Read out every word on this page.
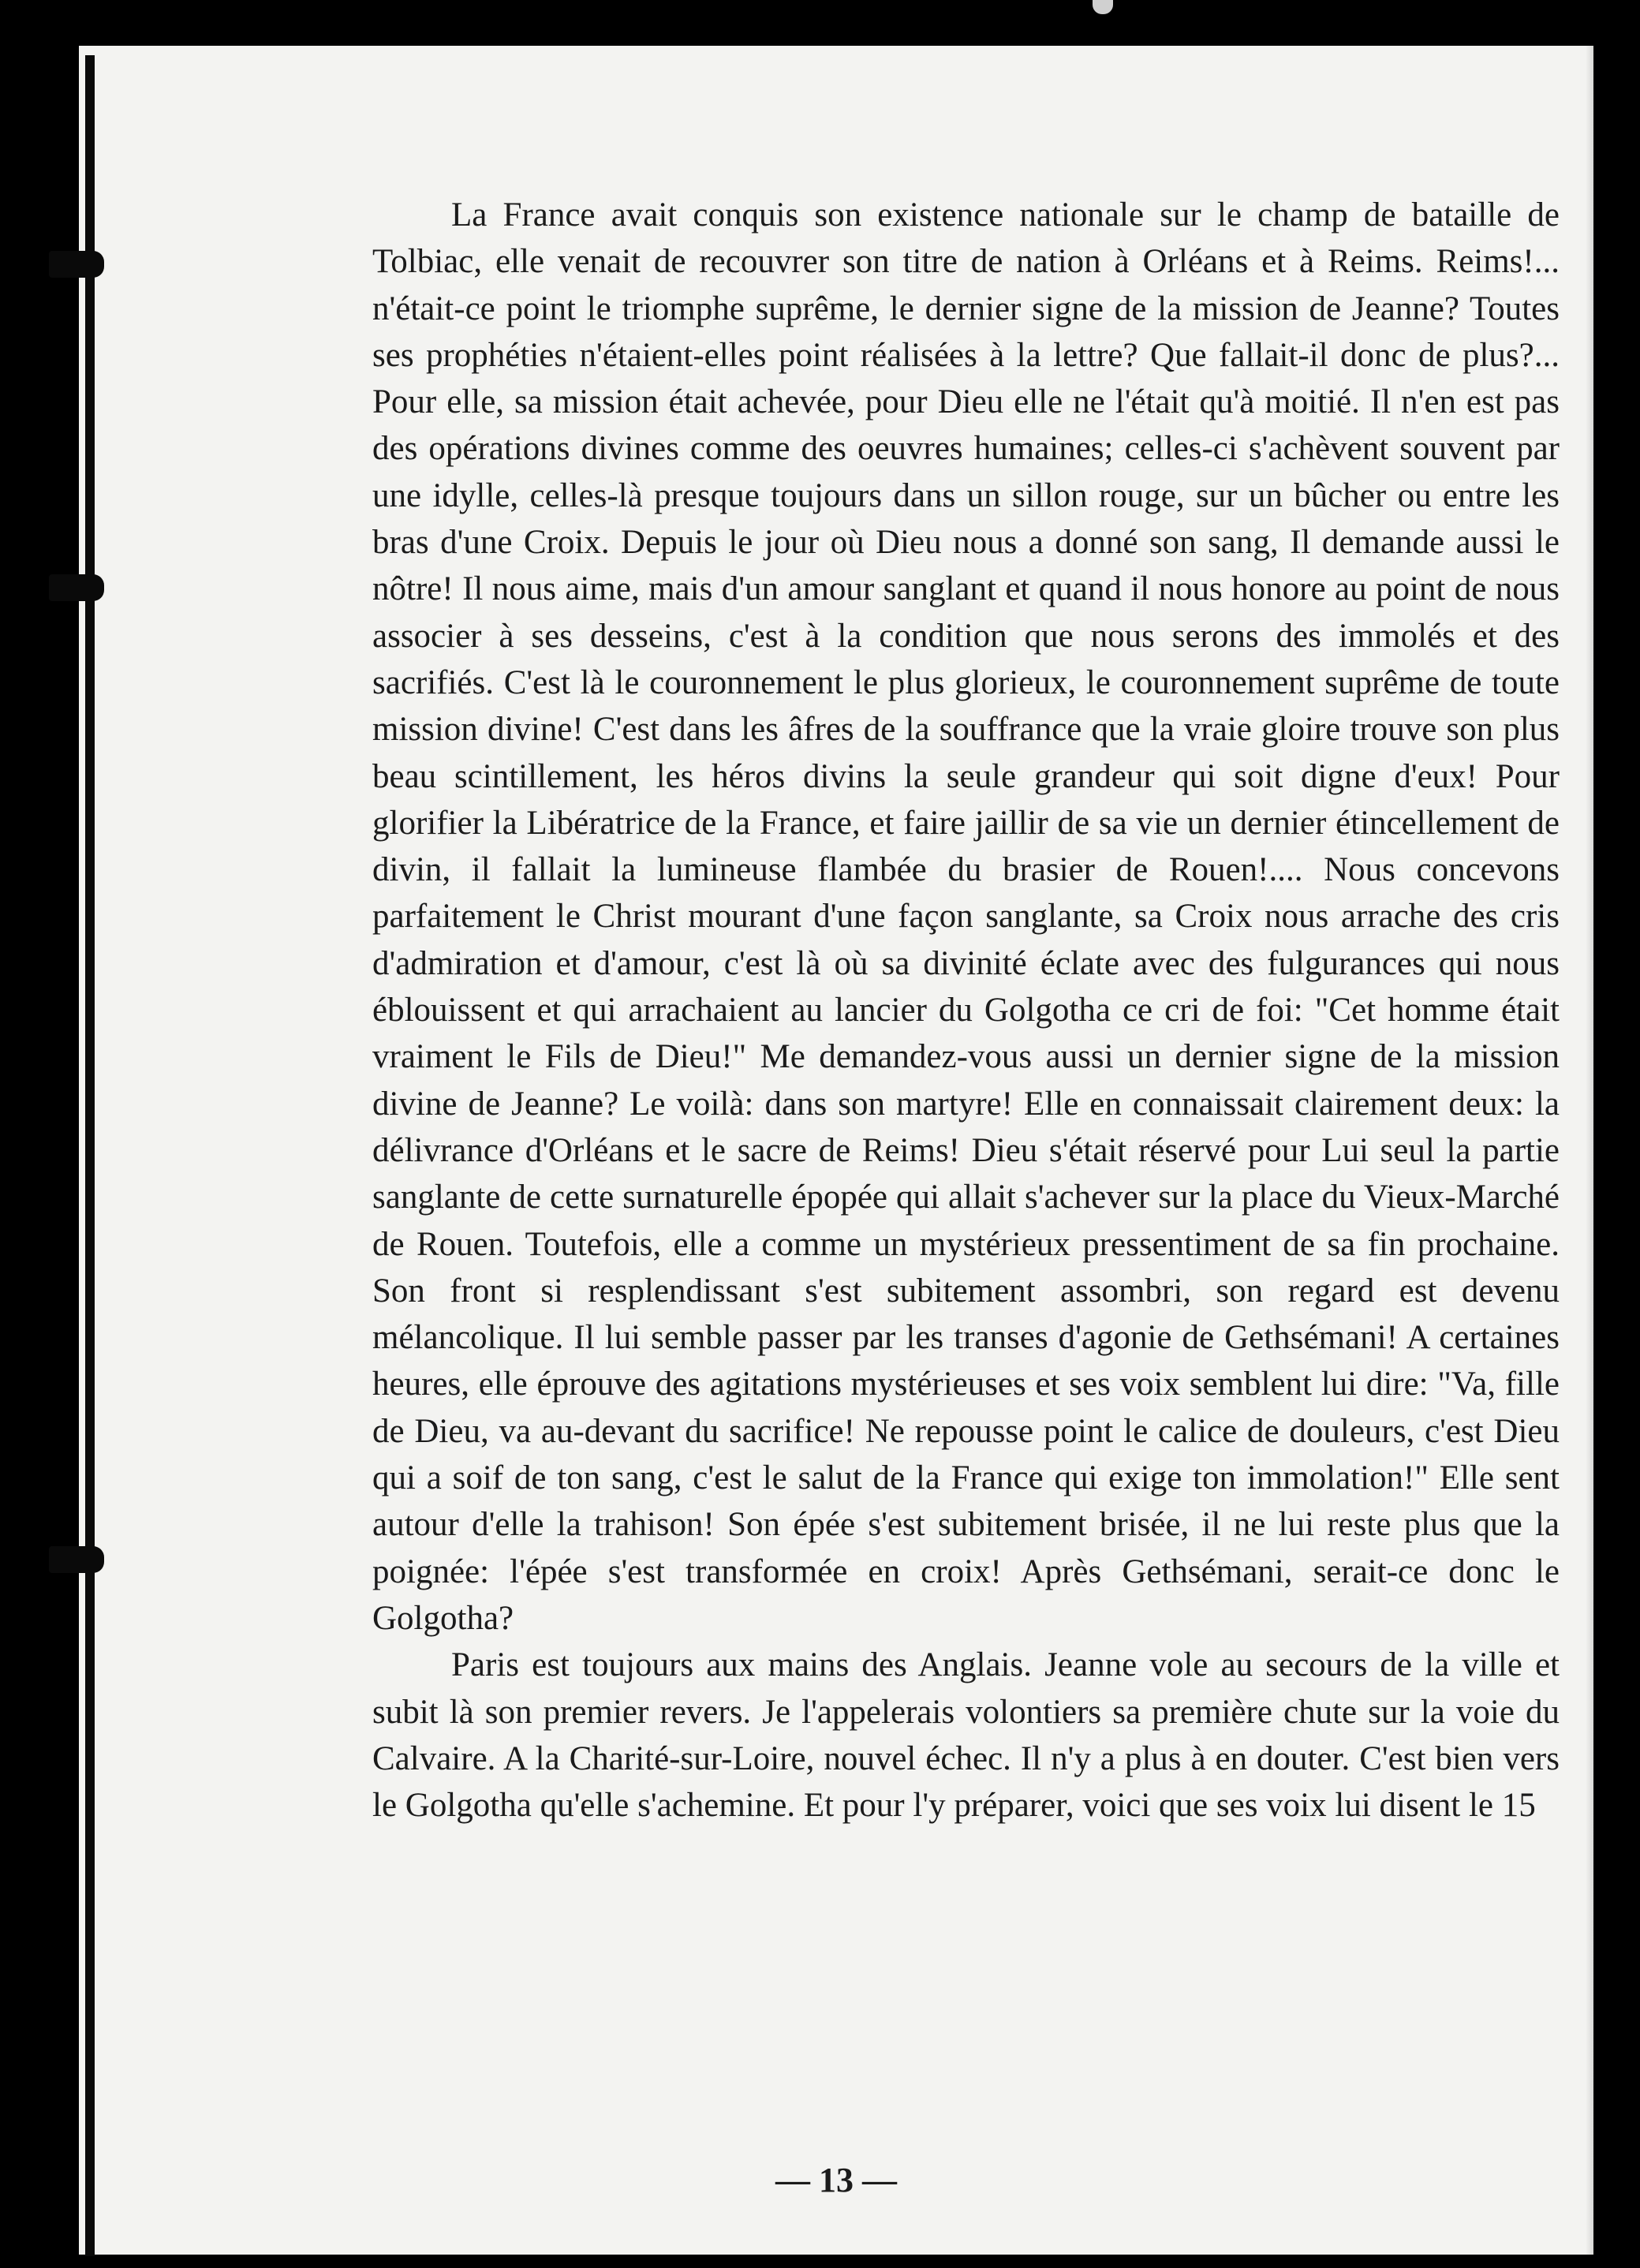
La France avait conquis son existence nationale sur le champ de bataille de Tolbiac, elle venait de recouvrer son titre de nation à Orléans et à Reims. Reims!... n'était-ce point le triomphe suprême, le dernier signe de la mission de Jeanne? Toutes ses prophéties n'étaient-elles point réalisées à la lettre? Que fallait-il donc de plus?... Pour elle, sa mission était achevée, pour Dieu elle ne l'était qu'à moitié. Il n'en est pas des opérations divines comme des oeuvres humaines; celles-ci s'achèvent souvent par une idylle, celles-là presque toujours dans un sillon rouge, sur un bûcher ou entre les bras d'une Croix. Depuis le jour où Dieu nous a donné son sang, Il demande aussi le nôtre! Il nous aime, mais d'un amour sanglant et quand il nous honore au point de nous associer à ses desseins, c'est à la condition que nous serons des immolés et des sacrifiés. C'est là le couronnement le plus glorieux, le couronnement suprême de toute mission divine! C'est dans les âfres de la souffrance que la vraie gloire trouve son plus beau scintillement, les héros divins la seule grandeur qui soit digne d'eux! Pour glorifier la Libératrice de la France, et faire jaillir de sa vie un dernier étincellement de divin, il fallait la lumineuse flambée du brasier de Rouen!.... Nous concevons parfaitement le Christ mourant d'une façon sanglante, sa Croix nous arrache des cris d'admiration et d'amour, c'est là où sa divinité éclate avec des fulgurances qui nous éblouissent et qui arrachaient au lancier du Golgotha ce cri de foi: "Cet homme était vraiment le Fils de Dieu!" Me demandez-vous aussi un dernier signe de la mission divine de Jeanne? Le voilà: dans son martyre! Elle en connaissait clairement deux: la délivrance d'Orléans et le sacre de Reims! Dieu s'était réservé pour Lui seul la partie sanglante de cette surnaturelle épopée qui allait s'achever sur la place du Vieux-Marché de Rouen. Toutefois, elle a comme un mystérieux pressentiment de sa fin prochaine. Son front si resplendissant s'est subitement assombri, son regard est devenu mélancolique. Il lui semble passer par les transes d'agonie de Gethsémani! A certaines heures, elle éprouve des agitations mystérieuses et ses voix semblent lui dire: "Va, fille de Dieu, va au-devant du sacrifice! Ne repousse point le calice de douleurs, c'est Dieu qui a soif de ton sang, c'est le salut de la France qui exige ton immolation!" Elle sent autour d'elle la trahison! Son épée s'est subitement brisée, il ne lui reste plus que la poignée: l'épée s'est transformée en croix! Après Gethsémani, serait-ce donc le Golgotha?

Paris est toujours aux mains des Anglais. Jeanne vole au secours de la ville et subit là son premier revers. Je l'appelerais volontiers sa première chute sur la voie du Calvaire. A la Charité-sur-Loire, nouvel échec. Il n'y a plus à en douter. C'est bien vers le Golgotha qu'elle s'achemine. Et pour l'y préparer, voici que ses voix lui disent le 15

— 13 —
